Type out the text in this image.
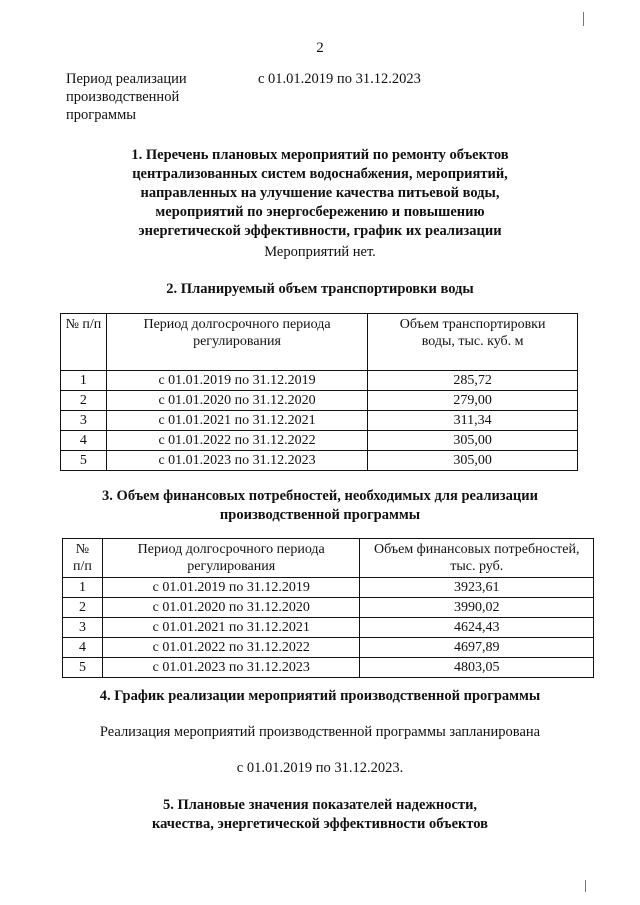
2
Период реализации производственной программы
с 01.01.2019 по 31.12.2023
1. Перечень плановых мероприятий по ремонту объектов централизованных систем водоснабжения, мероприятий, направленных на улучшение качества питьевой воды, мероприятий по энергосбережению и повышению энергетической эффективности, график их реализации
Мероприятий нет.
2. Планируемый объем транспортировки воды
№ п/п	Период долгосрочного периода регулирования	Объем транспортировки воды, тыс. куб. м
1	с 01.01.2019 по 31.12.2019	285,72
2	с 01.01.2020 по 31.12.2020	279,00
3	с 01.01.2021 по 31.12.2021	311,34
4	с 01.01.2022 по 31.12.2022	305,00
5	с 01.01.2023 по 31.12.2023	305,00
3. Объем финансовых потребностей, необходимых для реализации производственной программы
№ п/п	Период долгосрочного периода регулирования	Объем финансовых потребностей, тыс. руб.
1	с 01.01.2019 по 31.12.2019	3923,61
2	с 01.01.2020 по 31.12.2020	3990,02
3	с 01.01.2021 по 31.12.2021	4624,43
4	с 01.01.2022 по 31.12.2022	4697,89
5	с 01.01.2023 по 31.12.2023	4803,05
4. График реализации мероприятий производственной программы
Реализация мероприятий производственной программы запланирована
с 01.01.2019 по 31.12.2023.
5. Плановые значения показателей надежности, качества, энергетической эффективности объектов
